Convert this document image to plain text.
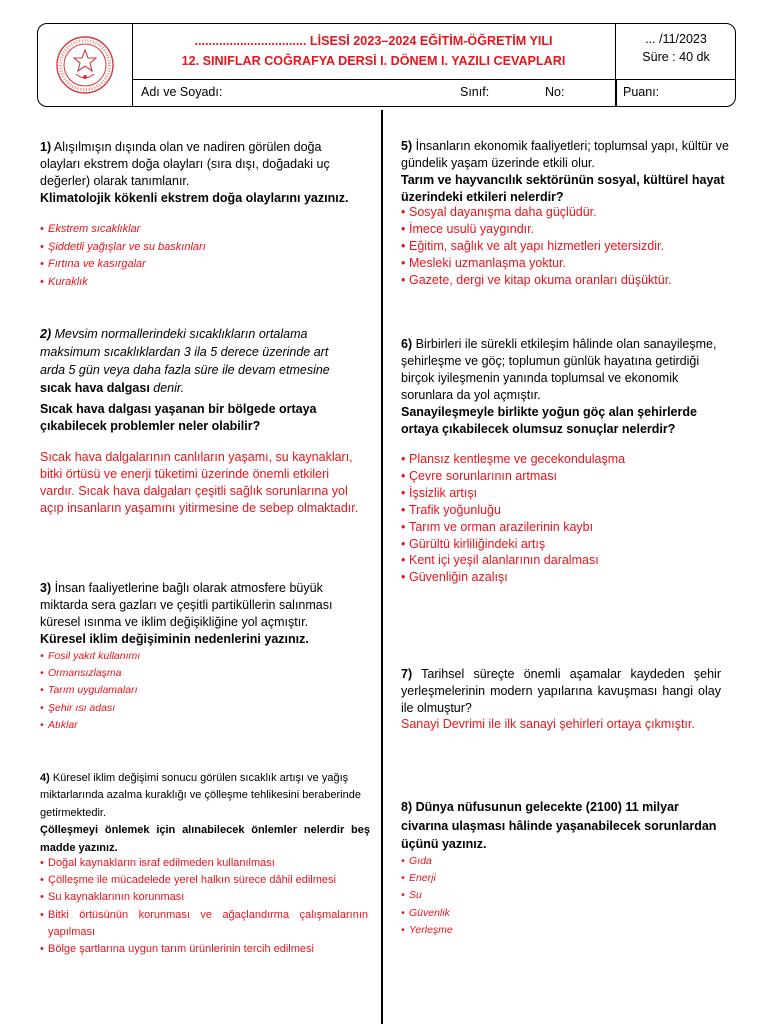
................................ LİSESİ 2023–2024 EĞİTİM-ÖĞRETİM YILI
12. SINIFLAR COĞRAFYA DERSİ I. DÖNEM I. YAZILI CEVAPLARI
... /11/2023
Süre : 40 dk
Adı ve Soyadı:	Sınıf:	No:	Puanı:
1) Alışılmışın dışında olan ve nadiren görülen doğa olayları ekstrem doğa olayları (sıra dışı, doğadaki uç değerler) olarak tanımlanır.
Klimatolojik kökenli ekstrem doğa olaylarını yazınız.
• Ekstrem sıcaklıklar
• Şiddetli yağışlar ve su baskınları
• Fırtına ve kasırgalar
• Kuraklık
2) Mevsim normallerindeki sıcaklıkların ortalama maksimum sıcaklıklardan 3 ila 5 derece üzerinde art arda 5 gün veya daha fazla süre ile devam etmesine sıcak hava dalgası denir.
Sıcak hava dalgası yaşanan bir bölgede ortaya çıkabilecek problemler neler olabilir?
Sıcak hava dalgalarının canlıların yaşamı, su kaynakları, bitki örtüsü ve enerji tüketimi üzerinde önemli etkileri vardır. Sıcak hava dalgaları çeşitli sağlık sorunlarına yol açıp insanların yaşamını yitirmesine de sebep olmaktadır.
3) İnsan faaliyetlerine bağlı olarak atmosfere büyük miktarda sera gazları ve çeşitli partiküllerin salınması küresel ısınma ve iklim değişikliğine yol açmıştır.
Küresel iklim değişiminin nedenlerini yazınız.
• Fosil yakıt kullanımı
• Ormansızlaşma
• Tarım uygulamaları
• Şehir ısı adası
• Atıklar
4) Küresel iklim değişimi sonucu görülen sıcaklık artışı ve yağış miktarlarında azalma kuraklığı ve çölleşme tehlikesini beraberinde getirmektedir.
Çölleşmeyi önlemek için alınabilecek önlemler nelerdir beş madde yazınız.
• Doğal kaynakların israf edilmeden kullanılması
• Çölleşme ile mücadelede yerel halkın sürece dâhil edilmesi
• Su kaynaklarının korunması
• Bitki örtüsünün korunması ve ağaçlandırma çalışmalarının yapılması
• Bölge şartlarına uygun tarım ürünlerinin tercih edilmesi
5) İnsanların ekonomik faaliyetleri; toplumsal yapı, kültür ve gündelik yaşam üzerinde etkili olur.
Tarım ve hayvancılık sektörünün sosyal, kültürel hayat üzerindeki etkileri nelerdir?
• Sosyal dayanışma daha güçlüdür.
• İmece usulü yaygındır.
• Eğitim, sağlık ve alt yapı hizmetleri yetersizdir.
• Mesleki uzmanlaşma yoktur.
• Gazete, dergi ve kitap okuma oranları düşüktür.
6) Birbirleri ile sürekli etkileşim hâlinde olan sanayileşme, şehirleşme ve göç; toplumun günlük hayatına getirdiği birçok iyileşmenin yanında toplumsal ve ekonomik sorunlara da yol açmıştır.
Sanayileşmeyle birlikte yoğun göç alan şehirlerde ortaya çıkabilecek olumsuz sonuçlar nelerdir?
• Plansız kentleşme ve gecekondulaşma
• Çevre sorunlarının artması
• İşsizlik artışı
• Trafik yoğunluğu
• Tarım ve orman arazilerinin kaybı
• Gürültü kirliliğindeki artış
• Kent içi yeşil alanlarının daralması
• Güvenliğin azalışı
7) Tarihsel süreçte önemli aşamalar kaydeden şehir yerleşmelerinin modern yapılarına kavuşması hangi olay ile olmuştur?
Sanayi Devrimi ile ilk sanayi şehirleri ortaya çıkmıştır.
8) Dünya nüfusunun gelecekte (2100) 11 milyar civarına ulaşması hâlinde yaşanabilecek sorunlardan üçünü yazınız.
• Gıda
• Enerji
• Su
• Güvenlik
• Yerleşme
